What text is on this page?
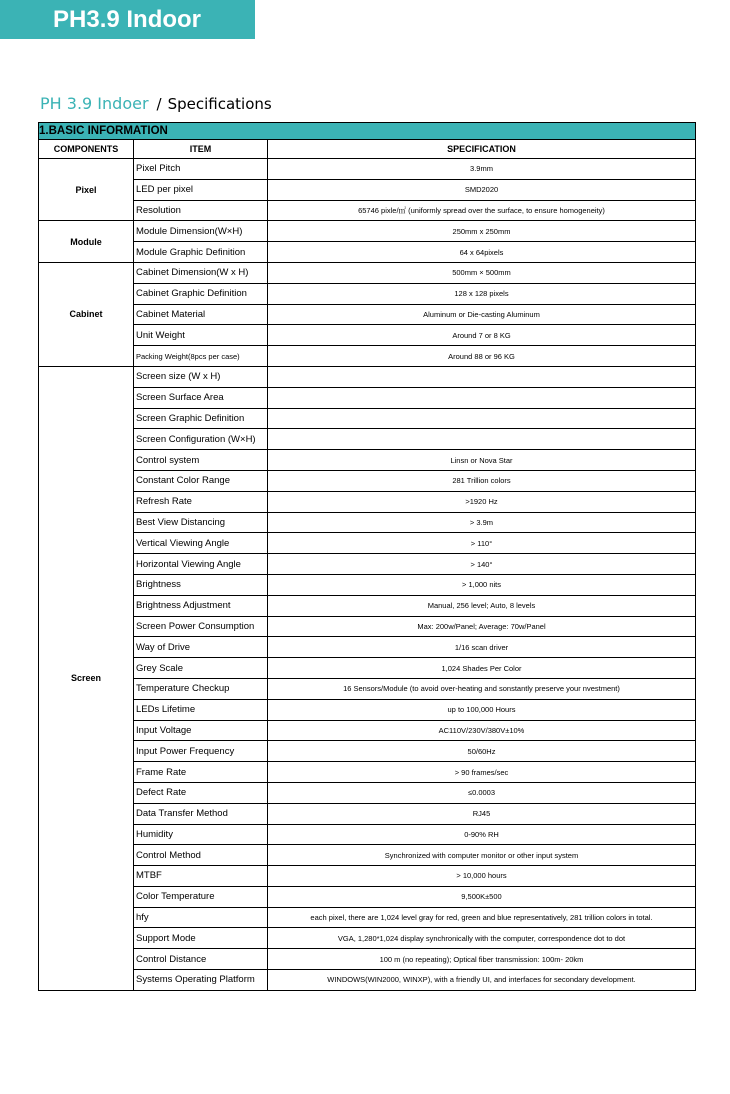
PH3.9 Indoor
PH 3.9 Indoer / Specifications
1.BASIC INFORMATION		
COMPONENTS	ITEM	SPECIFICATION
Pixel	Pixel Pitch	3.9mm
	LED per pixel	SMD2020
	Resolution	65746 pixle/㎡ (uniformly spread over the surface, to ensure homogeneity)
Module	Module Dimension(W×H)	250mm x 250mm
	Module Graphic Definition	64 x 64pixels
Cabinet	Cabinet Dimension(W x H)	500mm × 500mm
	Cabinet Graphic Definition	128 x 128 pixels
	Cabinet Material	Aluminum or Die-casting Aluminum
	Unit Weight	Around 7 or 8 KG
	Packing Weight(8pcs per case)	Around 88 or 96 KG
Screen	Screen size (W x H)	
	Screen Surface Area	
	Screen Graphic Definition	
	Screen Configuration (W×H)	
	Control system	Linsn or Nova Star
	Constant Color Range	281 Trillion colors
	Refresh Rate	>1920 Hz
	Best View Distancing	> 3.9m
	Vertical Viewing Angle	> 110°
	Horizontal Viewing Angle	> 140°
	Brightness	> 1,000 nits
	Brightness Adjustment	Manual, 256 level; Auto, 8 levels
	Screen Power Consumption	Max: 200w/Panel; Average: 70w/Panel
	Way of Drive	1/16 scan driver
	Grey Scale	1,024 Shades Per Color
	Temperature Checkup	16 Sensors/Module (to avoid over-heating and sonstantly preserve your nvestment)
	LEDs Lifetime	up to 100,000 Hours
	Input Voltage	AC110V/230V/380V±10%
	Input Power Frequency	50/60Hz
	Frame Rate	> 90 frames/sec
	Defect Rate	≤0.0003
	Data Transfer Method	RJ45
	Humidity	0-90% RH
	Control Method	Synchronized with computer monitor or other input system
	MTBF	> 10,000 hours
	Color Temperature	9,500K±500
	hfy	each pixel, there are 1,024 level gray for red, green and blue representatively, 281 trillion colors in total.
	Support Mode	VGA, 1,280*1,024 display synchronically with the computer, correspondence dot to dot
	Control Distance	100 m (no repeating); Optical fiber transmission: 100m- 20km
	Systems Operating Platform	WINDOWS(WIN2000, WINXP), with a friendly UI, and interfaces for secondary development.
